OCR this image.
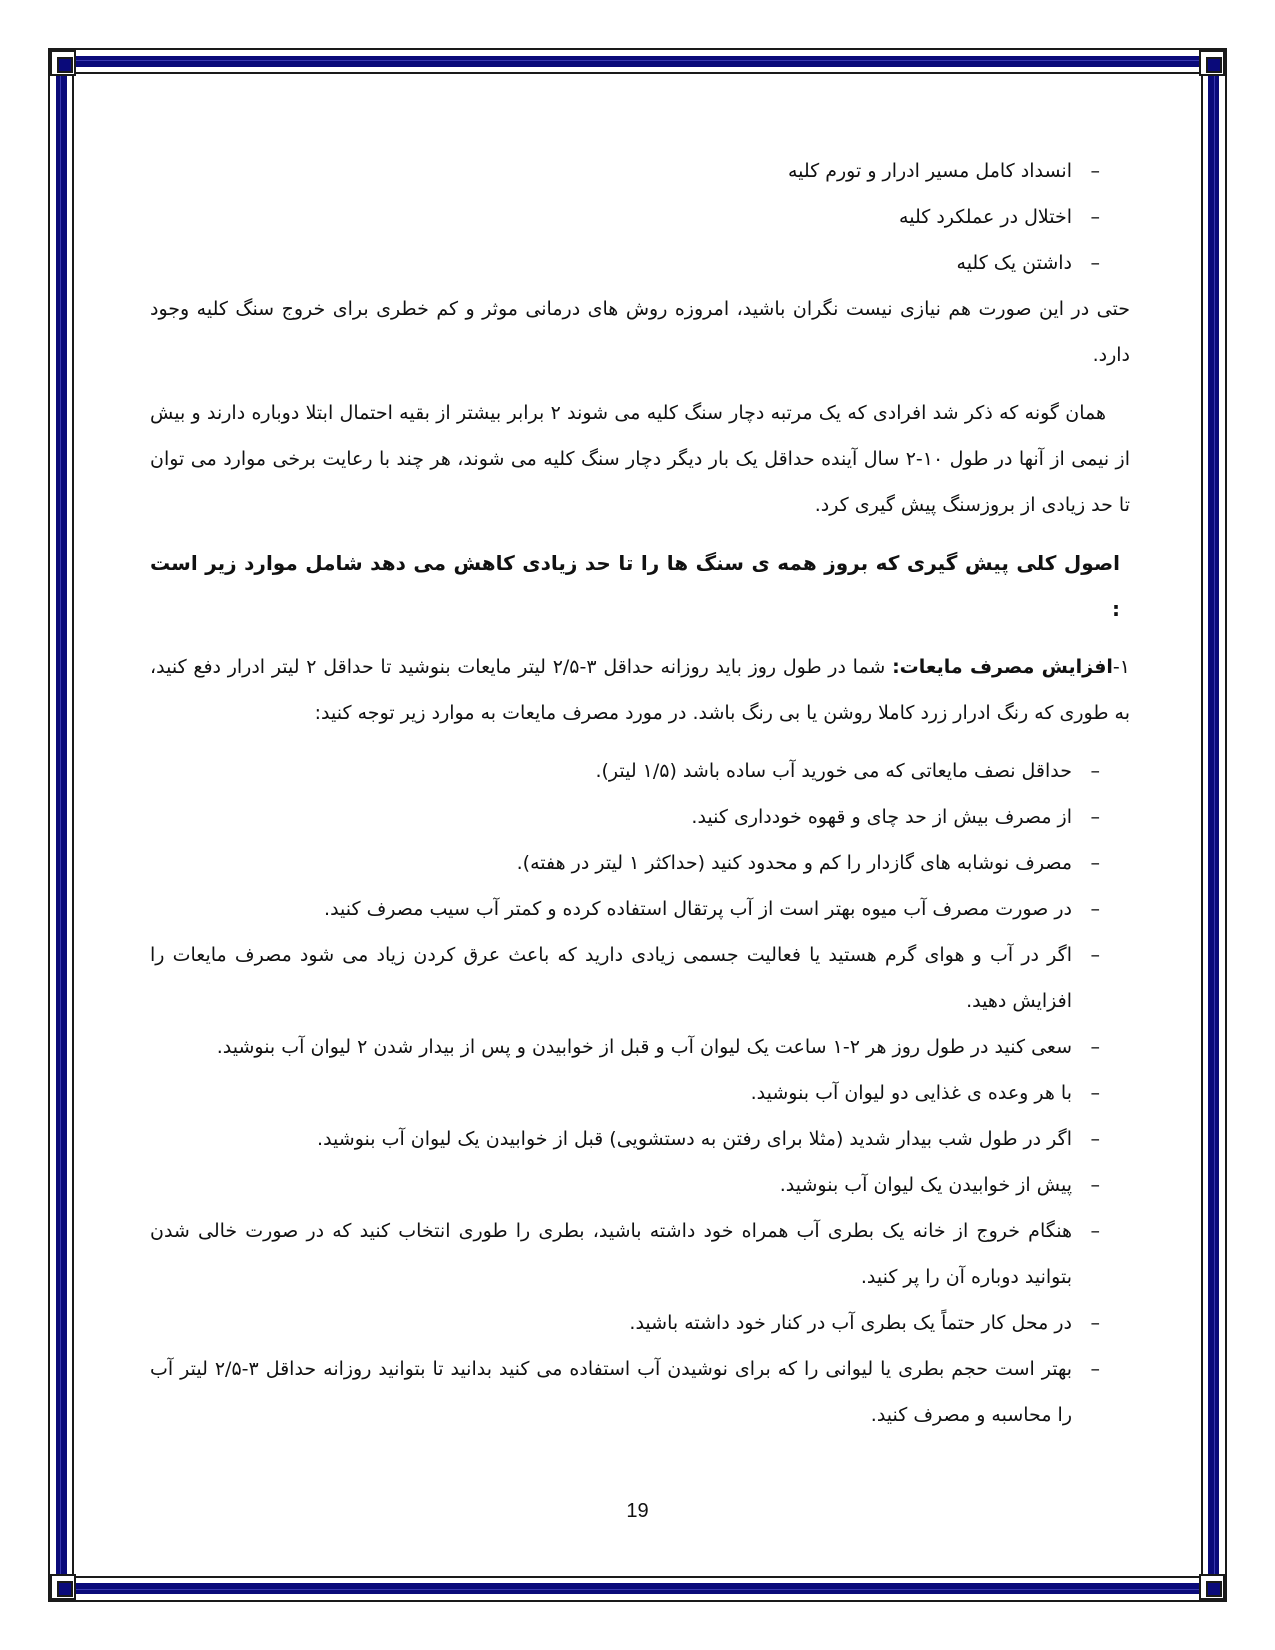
– انسداد کامل مسیر ادرار و تورم کلیه
– اختلال در عملکرد کلیه
– داشتن یک کلیه

حتی در این صورت هم نیازی نیست نگران باشید، امروزه روش های درمانی موثر و کم خطری برای خروج سنگ کلیه وجود دارد.

همان گونه که ذکر شد افرادی که یک مرتبه دچار سنگ کلیه می شوند ۲ برابر بیشتر از بقیه احتمال ابتلا دوباره دارند و بیش از نیمی از آنها در طول ۱۰-۲ سال آینده حداقل یک بار دیگر دچار سنگ کلیه می شوند، هر چند با رعایت برخی موارد می توان تا حد زیادی از بروزسنگ پیش گیری کرد.

اصول کلی پیش گیری که بروز همه ی سنگ ها را تا حد زیادی کاهش می دهد شامل موارد زیر است :

۱-افزایش مصرف مایعات: شما در طول روز باید روزانه حداقل ۳-۲/۵ لیتر مایعات بنوشید تا حداقل ۲ لیتر ادرار دفع کنید، به طوری که رنگ ادرار زرد کاملا روشن یا بی رنگ باشد. در مورد مصرف مایعات به موارد زیر توجه کنید:

– حداقل نصف مایعاتی که می خورید آب ساده باشد (۱/۵ لیتر).
– از مصرف بیش از حد چای و قهوه خودداری کنید.
– مصرف نوشابه های گازدار را کم و محدود کنید (حداکثر ۱ لیتر در هفته).
– در صورت مصرف آب میوه بهتر است از آب پرتقال استفاده کرده و کمتر آب سیب مصرف کنید.
– اگر در آب و هوای گرم هستید یا فعالیت جسمی زیادی دارید که باعث عرق کردن زیاد می شود مصرف مایعات را افزایش دهید.
– سعی کنید در طول روز هر ۲-۱ ساعت یک لیوان آب و قبل از خوابیدن و پس از بیدار شدن ۲ لیوان آب بنوشید.
– با هر وعده ی غذایی دو لیوان آب بنوشید.
– اگر در طول شب بیدار شدید (مثلا برای رفتن به دستشویی) قبل از خوابیدن یک لیوان آب بنوشید.
– پیش از خوابیدن یک لیوان آب بنوشید.
– هنگام خروج از خانه یک بطری آب همراه خود داشته باشید، بطری را طوری انتخاب کنید که در صورت خالی شدن بتوانید دوباره آن را پر کنید.
– در محل کار حتماً یک بطری آب در کنار خود داشته باشید.
– بهتر است حجم بطری یا لیوانی را که برای نوشیدن آب استفاده می کنید بدانید تا بتوانید روزانه حداقل ۳-۲/۵ لیتر آب را محاسبه و مصرف کنید.
19
